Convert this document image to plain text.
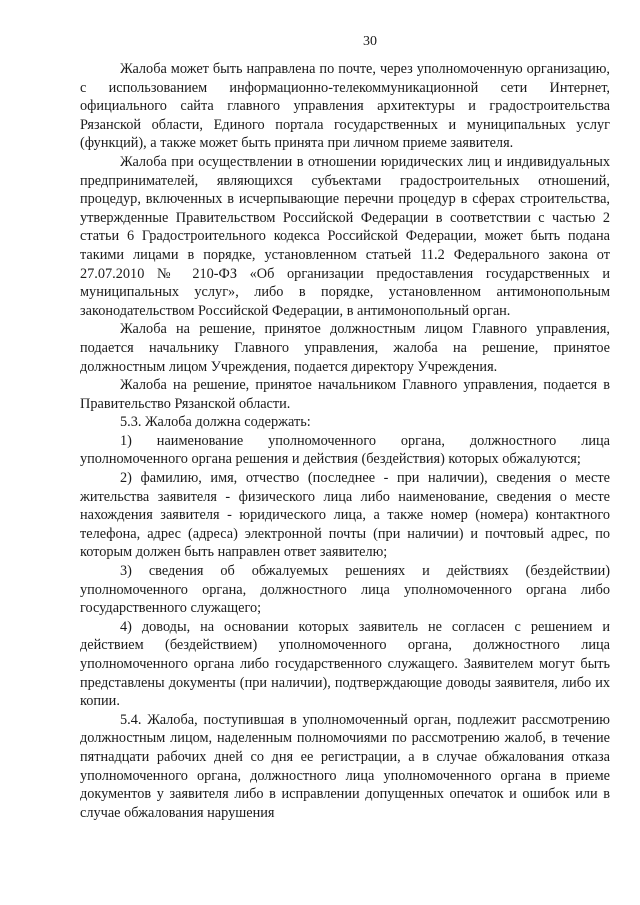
30

Жалоба может быть направлена по почте, через уполномоченную организацию, с использованием информационно-телекоммуникационной сети Интернет, официального сайта главного управления архитектуры и градостроительства Рязанской области, Единого портала государственных и муниципальных услуг (функций), а также может быть принята при личном приеме заявителя.

Жалоба при осуществлении в отношении юридических лиц и индивидуальных предпринимателей, являющихся субъектами градостроительных отношений, процедур, включенных в исчерпывающие перечни процедур в сферах строительства, утвержденные Правительством Российской Федерации в соответствии с частью 2 статьи 6 Градостроительного кодекса Российской Федерации, может быть подана такими лицами в порядке, установленном статьей 11.2 Федерального закона от 27.07.2010 № 210-ФЗ «Об организации предоставления государственных и муниципальных услуг», либо в порядке, установленном антимонопольным законодательством Российской Федерации, в антимонопольный орган.

Жалоба на решение, принятое должностным лицом Главного управления, подается начальнику Главного управления, жалоба на решение, принятое должностным лицом Учреждения, подается директору Учреждения.

Жалоба на решение, принятое начальником Главного управления, подается в Правительство Рязанской области.

5.3. Жалоба должна содержать:

1) наименование уполномоченного органа, должностного лица уполномоченного органа решения и действия (бездействия) которых обжалуются;

2) фамилию, имя, отчество (последнее - при наличии), сведения о месте жительства заявителя - физического лица либо наименование, сведения о месте нахождения заявителя - юридического лица, а также номер (номера) контактного телефона, адрес (адреса) электронной почты (при наличии) и почтовый адрес, по которым должен быть направлен ответ заявителю;

3) сведения об обжалуемых решениях и действиях (бездействии) уполномоченного органа, должностного лица уполномоченного органа либо государственного служащего;

4) доводы, на основании которых заявитель не согласен с решением и действием (бездействием) уполномоченного органа, должностного лица уполномоченного органа либо государственного служащего. Заявителем могут быть представлены документы (при наличии), подтверждающие доводы заявителя, либо их копии.

5.4. Жалоба, поступившая в уполномоченный орган, подлежит рассмотрению должностным лицом, наделенным полномочиями по рассмотрению жалоб, в течение пятнадцати рабочих дней со дня ее регистрации, а в случае обжалования отказа уполномоченного органа, должностного лица уполномоченного органа в приеме документов у заявителя либо в исправлении допущенных опечаток и ошибок или в случае обжалования нарушения
